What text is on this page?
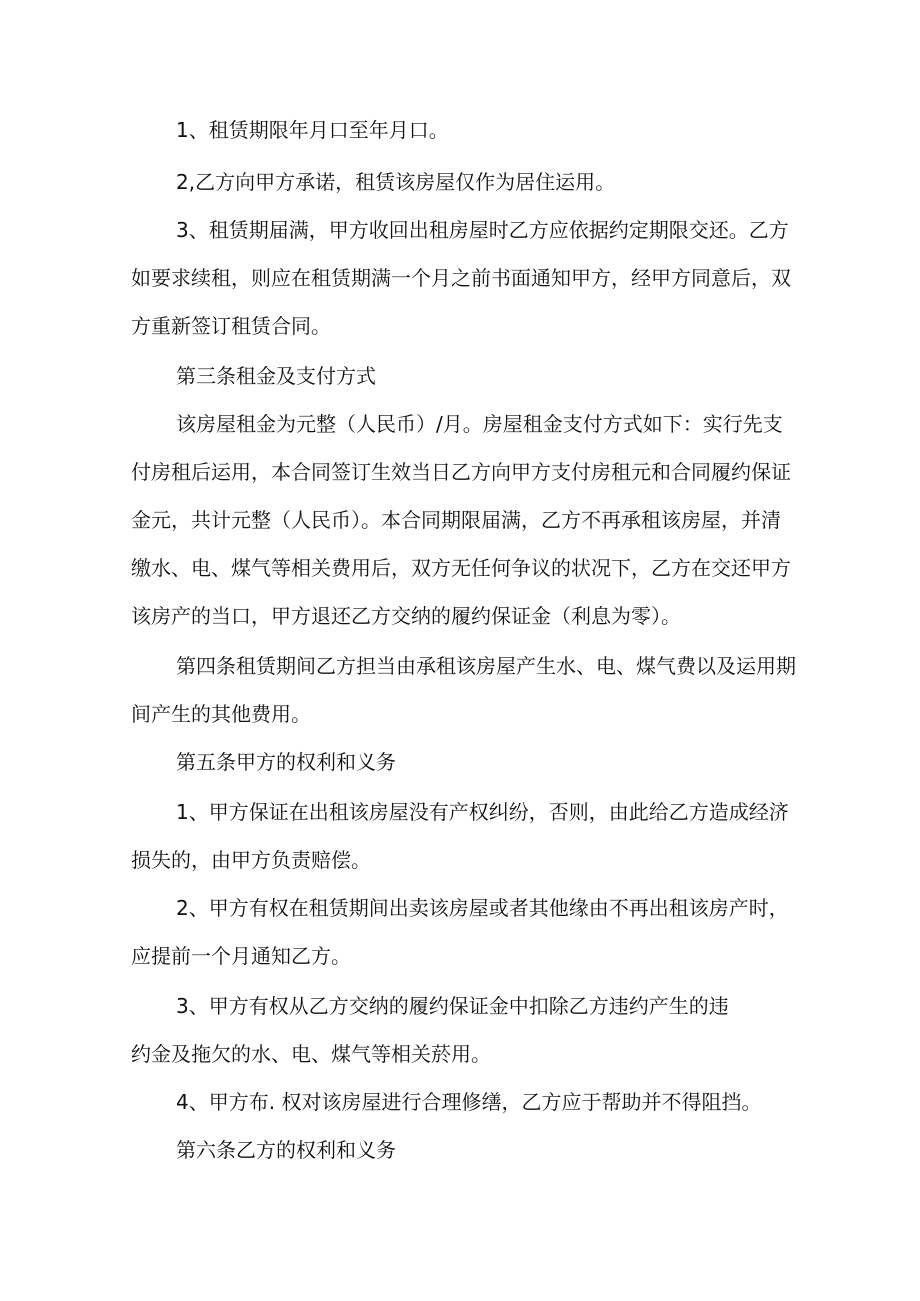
1、租赁期限年月口至年月口。

2,乙方向甲方承诺，租赁该房屋仅作为居住运用。

3、租赁期届满，甲方收回出租房屋时乙方应依据约定期限交还。乙方

如要求续租，则应在租赁期满一个月之前书面通知甲方，经甲方同意后，双

方重新签订租赁合同。

第三条租金及支付方式

该房屋租金为元整（人民币）/月。房屋租金支付方式如下：实行先支

付房租后运用，本合同签订生效当日乙方向甲方支付房租元和合同履约保证

金元，共计元整（人民币）。本合同期限届满，乙方不再承租该房屋，并清

缴水、电、煤气等相关费用后，双方无任何争议的状况下，乙方在交还甲方

该房产的当口，甲方退还乙方交纳的履约保证金（利息为零）。

第四条租赁期间乙方担当由承租该房屋产生水、电、煤气费以及运用期

间产生的其他费用。

第五条甲方的权利和义务

1、甲方保证在出租该房屋没有产权纠纷，否则，由此给乙方造成经济

损失的，由甲方负责赔偿。

2、甲方有权在租赁期间出卖该房屋或者其他缘由不再出租该房产时，

应提前一个月通知乙方。

3、甲方有权从乙方交纳的履约保证金中扣除乙方违约产生的违

约金及拖欠的水、电、煤气等相关菸用。

4、甲方布. 权对该房屋进行合理修缮，乙方应于帮助并不得阻挡。

第六条乙方的权利和义务
